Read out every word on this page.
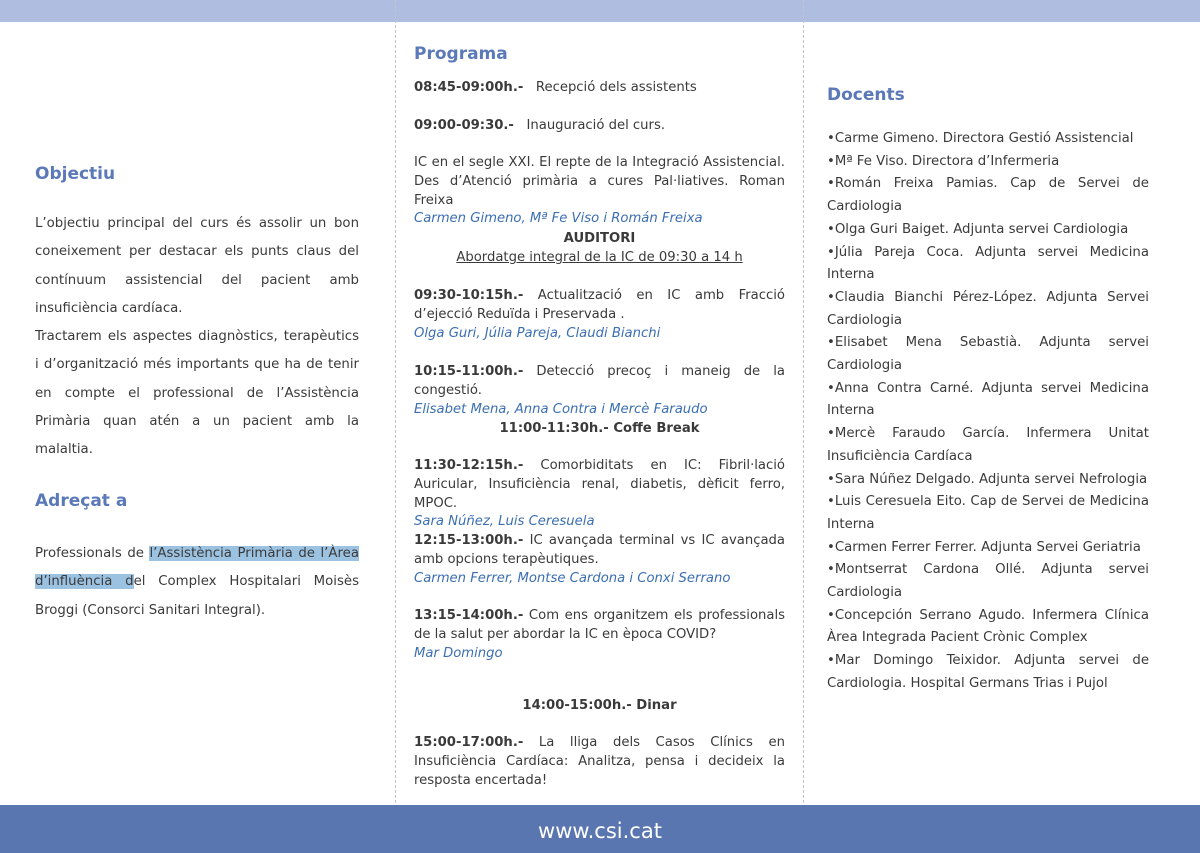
Objectiu

L’objectiu principal del curs és assolir un bon coneixement per destacar els punts claus del contínuum assistencial del pacient amb insuficiència cardíaca.

Tractarem els aspectes diagnòstics, terapèutics i d’organització més importants que ha de tenir en compte el professional de l’Assistència Primària quan atén a un pacient amb la malaltia.

Adreçat a

Professionals de l’Assistència Primària de l’Àrea d’influència del Complex Hospitalari Moisès Broggi (Consorci Sanitari Integral).

Programa
08:45-09:00h.- Recepció dels assistents
09:00-09:30.- Inauguració del curs.
IC en el segle XXI. El repte de la Integració Assistencial. Des d’Atenció primària a cures Pal·liatives. Roman Freixa
Carmen Gimeno, Mª Fe Viso i Román Freixa
AUDITORI
Abordatge integral de la IC de 09:30 a 14 h
09:30-10:15h.- Actualització en IC amb Fracció d’ejecció Reduïda i Preservada .
Olga Guri, Júlia Pareja, Claudi Bianchi
10:15-11:00h.- Detecció precoç i maneig de la congestió.
Elisabet Mena, Anna Contra i Mercè Faraudo
11:00-11:30h.- Coffe Break
11:30-12:15h.- Comorbiditats en IC: Fibril·lació Auricular, Insuficiència renal, diabetis, dèficit ferro, MPOC.
Sara Núñez, Luis Ceresuela
12:15-13:00h.- IC avançada terminal vs IC avançada amb opcions terapèutiques.
Carmen Ferrer, Montse Cardona i Conxi Serrano
13:15-14:00h.- Com ens organitzem els professionals de la salut per abordar la IC en època COVID?
Mar Domingo
14:00-15:00h.- Dinar
15:00-17:00h.- La lliga dels Casos Clínics en Insuficiència Cardíaca: Analitza, pensa i decideix la resposta encertada!
Docents
• Carme Gimeno. Directora Gestió Assistencial
• Mª Fe Viso. Directora d’Infermeria
• Román Freixa Pamias. Cap de Servei de Cardiologia
• Olga Guri Baiget. Adjunta servei Cardiologia
• Júlia Pareja Coca. Adjunta servei Medicina Interna
• Claudia Bianchi Pérez-López. Adjunta Servei Cardiologia
• Elisabet Mena Sebastià. Adjunta servei Cardiologia
• Anna Contra Carné. Adjunta servei Medicina Interna
• Mercè Faraudo García. Infermera Unitat Insuficiència Cardíaca
• Sara Núñez Delgado. Adjunta servei Nefrologia
• Luis Ceresuela Eito. Cap de Servei de Medicina Interna
• Carmen Ferrer Ferrer. Adjunta Servei Geriatria
• Montserrat Cardona Ollé. Adjunta servei Cardiologia
• Concepción Serrano Agudo. Infermera Clínica Àrea Integrada Pacient Crònic Complex
• Mar Domingo Teixidor. Adjunta servei de Cardiologia. Hospital Germans Trias i Pujol
www.csi.cat
